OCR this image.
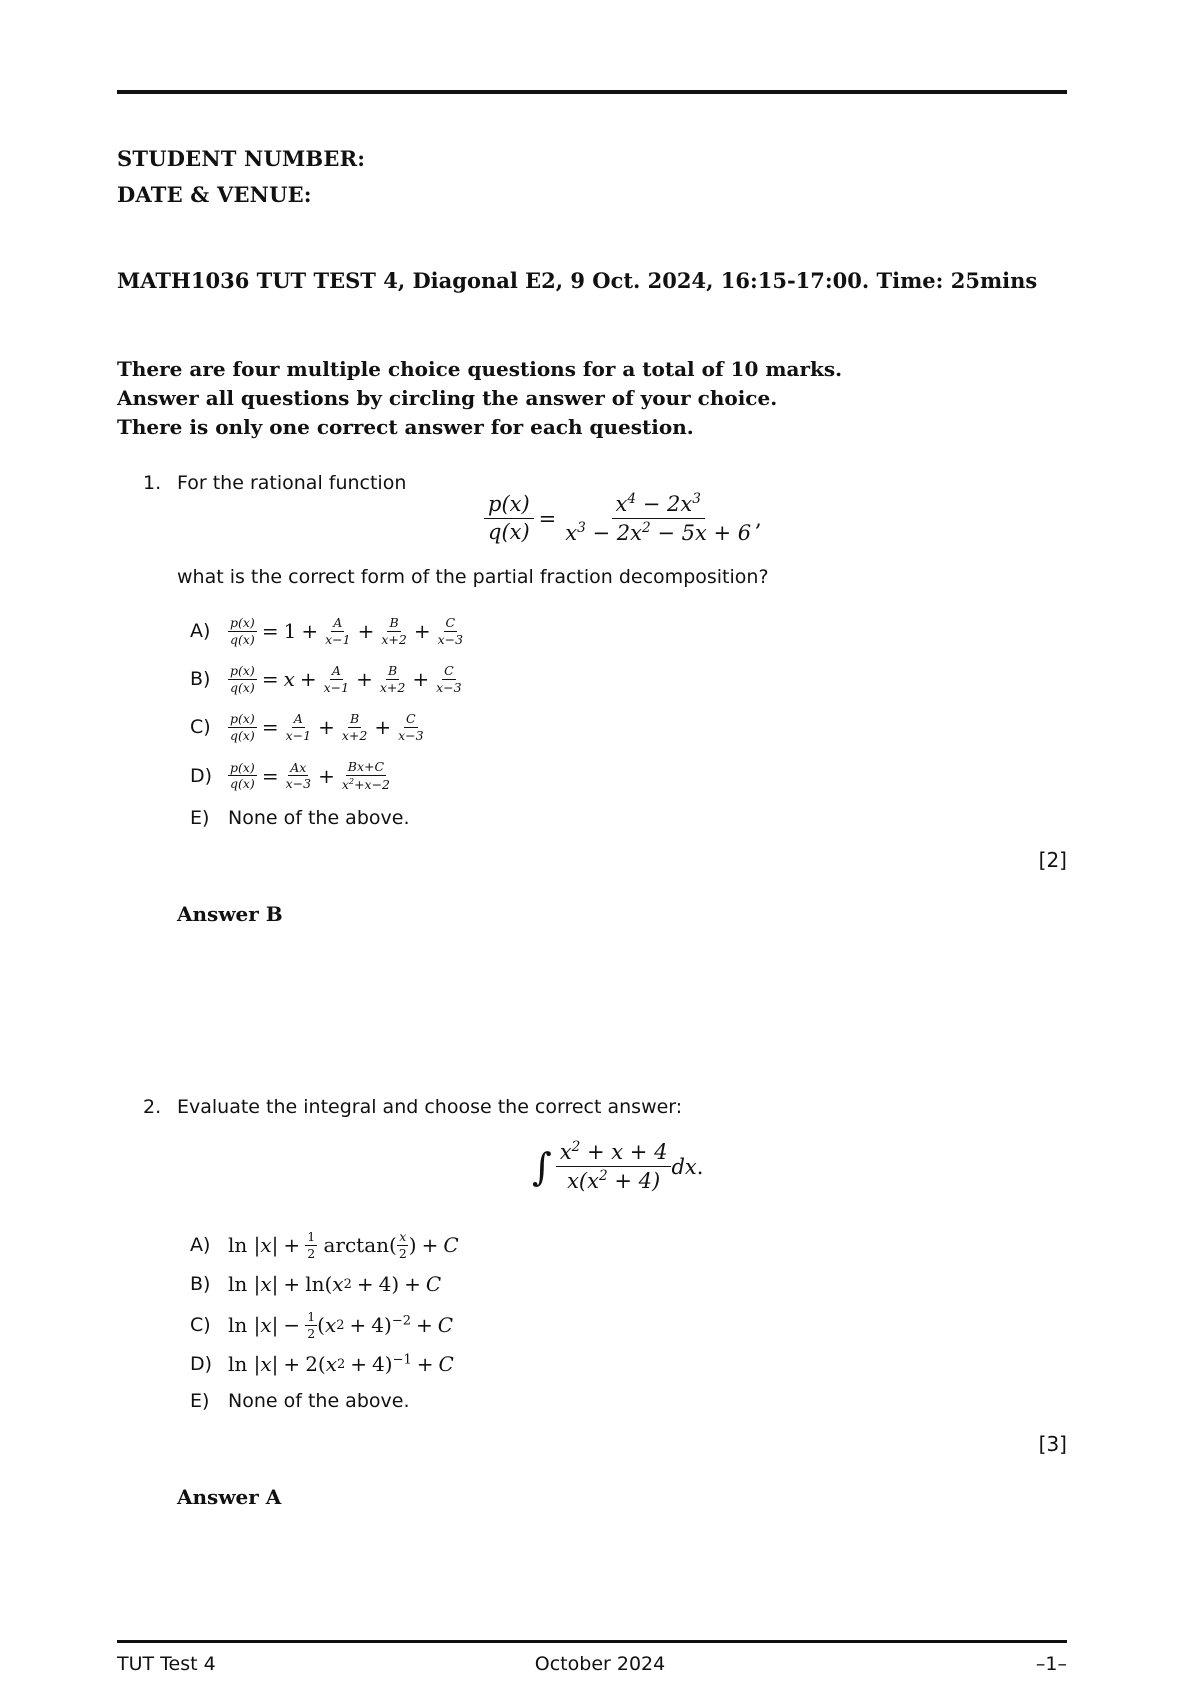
STUDENT NUMBER:
DATE & VENUE:
MATH1036 TUT TEST 4, Diagonal E2, 9 Oct. 2024, 16:15-17:00. Time: 25mins
There are four multiple choice questions for a total of 10 marks.
Answer all questions by circling the answer of your choice.
There is only one correct answer for each question.
1. For the rational function
$\frac{p(x)}{q(x)} = \frac{x^4 - 2x^3}{x^3 - 2x^2 - 5x + 6}$ ,
what is the correct form of the partial fraction decomposition?
A)	$\frac{p(x)}{q(x)} = 1 + \frac{A}{x-1} + \frac{B}{x+2} + \frac{C}{x-3}$
B)	$\frac{p(x)}{q(x)} = x + \frac{A}{x-1} + \frac{B}{x+2} + \frac{C}{x-3}$
C)	$\frac{p(x)}{q(x)} = \frac{A}{x-1} + \frac{B}{x+2} + \frac{C}{x-3}$
D)	$\frac{p(x)}{q(x)} = \frac{Ax}{x-3} + \frac{Bx+C}{x^2+x-2}$
E) None of the above.
[2]
Answer B
2. Evaluate the integral and choose the correct answer:
∫ $\frac{x^2 + x + 4}{x(x^2 + 4)}$ dx .
A) ln
| x | + $\frac{1}{2} \arctan( \frac{x}{2}$ ) + C
B) ln
| x | + ln( x 2 + 4) + C
C) ln
| x | − $\frac{1}{2}$ ( x 2 + 4)$^{-2}$ + C
D) ln
| x | + 2( x 2 + 4)$^{-1}$ + C
E) None of the above.
[3]
Answer A
TUT Test 4	October 2024	–1–
